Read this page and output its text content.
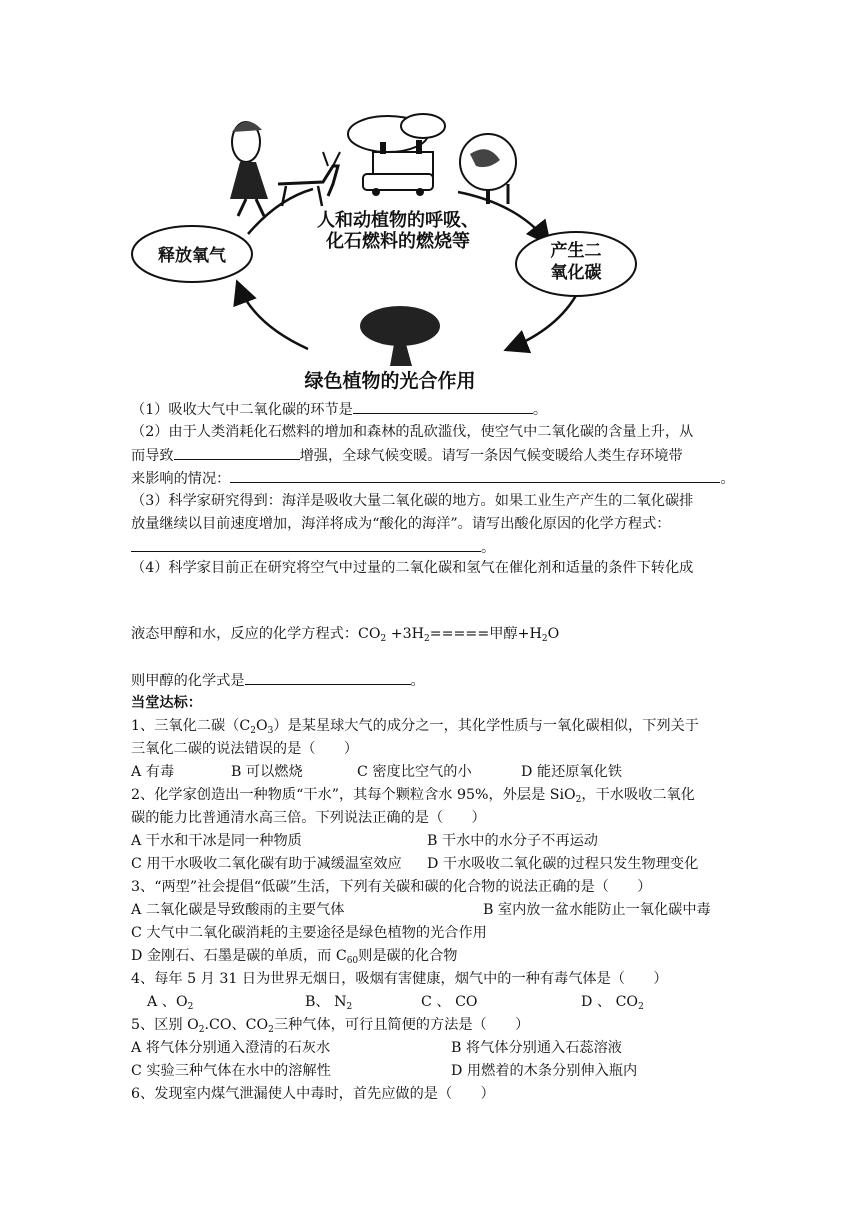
人和动植物的呼吸、
化石燃料的燃烧等
释放氧气	产生二
氧化碳
绿色植物的光合作用
（1）吸收大气中二氧化碳的环节是	。
（2）由于人类消耗化石燃料的增加和森林的乱砍滥伐，使空气中二氧化碳的含量上升，从
而导致	增强，全球气候变暖。请写一条因气候变暖给人类生存环境带
来影响的情况：	。
（3）科学家研究得到：海洋是吸收大量二氧化碳的地方。如果工业生产产生的二氧化碳排
放量继续以目前速度增加，海洋将成为“酸化的海洋”。请写出酸化原因的化学方程式：
。
（4）科学家目前正在研究将空气中过量的二氧化碳和氢气在催化剂和适量的条件下转化成
液态甲醇和水，反应的化学方程式：$CO_2 +3H_2=====$甲醇$+H_2O$
则甲醇的化学式是	。
当堂达标：
1、三氧化二碳$(C_2O_3)$是某星球大气的成分之一，其化学性质与一氧化碳相似，下列关于
三氧化二碳的说法错误的是（　　）
A 有毒	B 可以燃烧	C 密度比空气的小	D 能还原氧化铁
2、化学家创造出一种物质“干水”，其每个颗粒含水 95%，外层是 SiO$_2$，干水吸收二氧化
碳的能力比普通清水高三倍。下列说法正确的是（　　）
A 干水和干冰是同一种物质	B 干水中的水分子不再运动
C 用干水吸收二氧化碳有助于减缓温室效应 D 干水吸收二氧化碳的过程只发生物理变化
3、“两型”社会提倡“低碳”生活，下列有关碳和碳的化合物的说法正确的是（　　）
A 二氧化碳是导致酸雨的主要气体	B 室内放一盆水能防止一氧化碳中毒
C 大气中二氧化碳消耗的主要途径是绿色植物的光合作用
D 金刚石、石墨是碳的单质，而 $C_{60}$则是碳的化合物
4、每年 5 月 31 日为世界无烟日，吸烟有害健康，烟气中的一种有毒气体是（　　）
A 、$O_2$	B、 $N_2$	C 、 CO	D 、 $CO_2$
5、区别 $O_2.CO$、$CO_2$三种气体，可行且简便的方法是（　　）
A 将气体分别通入澄清的石灰水	B 将气体分别通入石蕊溶液
C 实验三种气体在水中的溶解性	D 用燃着的木条分别伸入瓶内
6、发现室内煤气泄漏使人中毒时，首先应做的是（　　）
